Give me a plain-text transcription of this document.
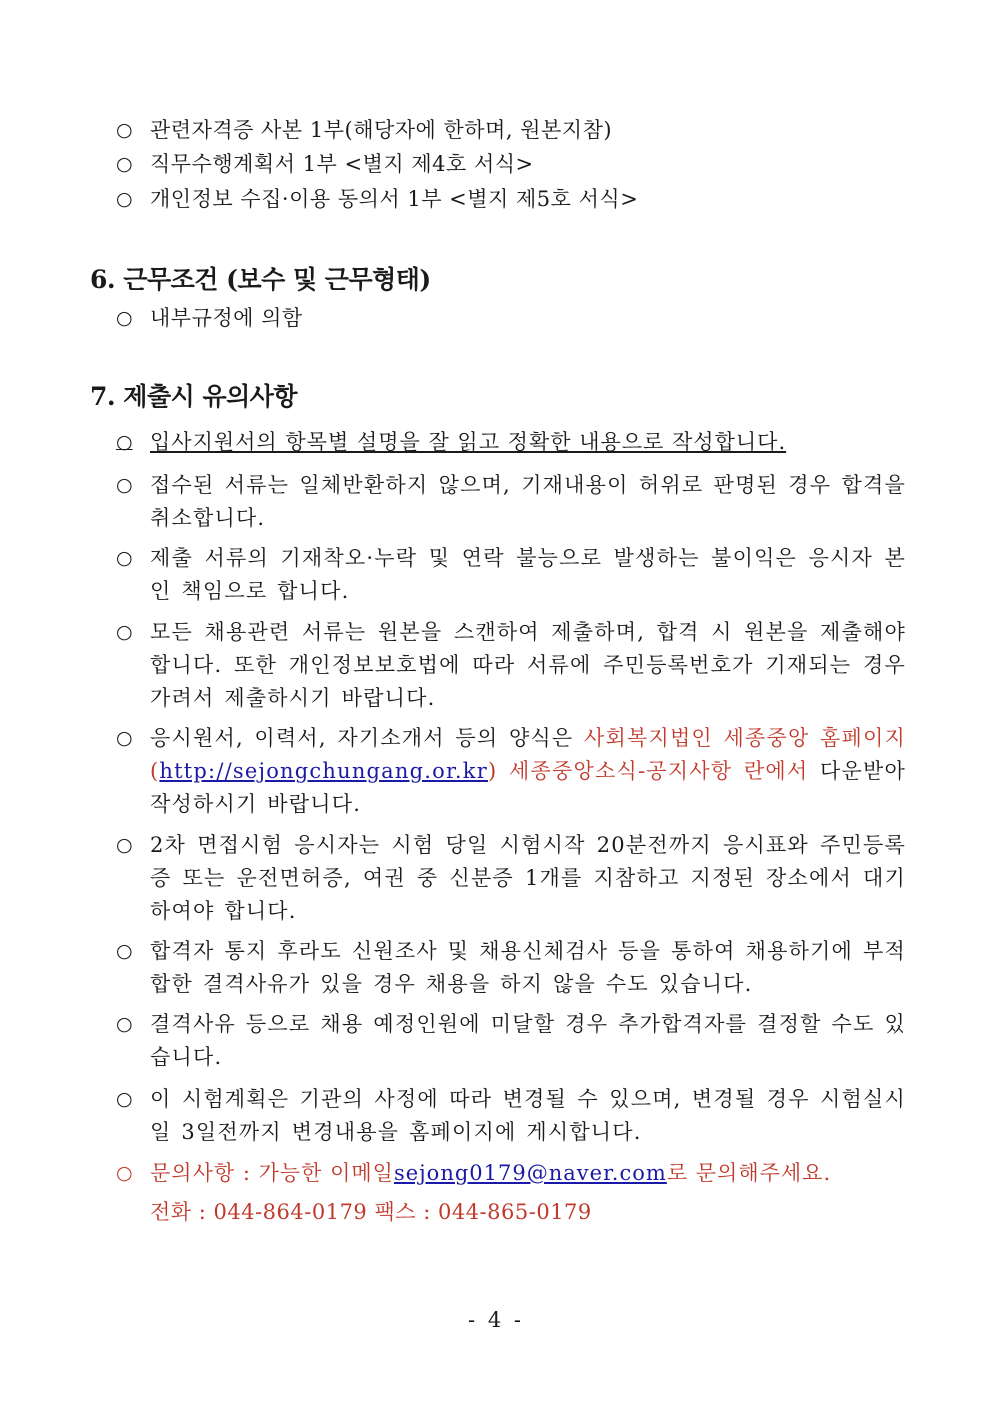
○ 관련자격증 사본 1부(해당자에 한하며, 원본지참)
○ 직무수행계획서 1부 <별지 제4호 서식>
○ 개인정보 수집·이용 동의서 1부 <별지 제5호 서식>
6. 근무조건 (보수 및 근무형태)
○ 내부규정에 의함
7. 제출시 유의사항
○ 입사지원서의 항목별 설명을 잘 읽고 정확한 내용으로 작성합니다.
○ 접수된 서류는 일체반환하지 않으며, 기재내용이 허위로 판명된 경우 합격을 취소합니다.
○ 제출 서류의 기재착오·누락 및 연락 불능으로 발생하는 불이익은 응시자 본인 책임으로 합니다.
○ 모든 채용관련 서류는 원본을 스캔하여 제출하며, 합격 시 원본을 제출해야합니다. 또한 개인정보보호법에 따라 서류에 주민등록번호가 기재되는 경우 가려서 제출하시기 바랍니다.
○ 응시원서, 이력서, 자기소개서 등의 양식은 사회복지법인 세종중앙 홈페이지(http://sejongchungang.or.kr) 세종중앙소식-공지사항 란에서 다운받아 작성하시기 바랍니다.
○ 2차 면접시험 응시자는 시험 당일 시험시작 20분전까지 응시표와 주민등록증 또는 운전면허증, 여권 중 신분증 1개를 지참하고 지정된 장소에서 대기하여야 합니다.
○ 합격자 통지 후라도 신원조사 및 채용신체검사 등을 통하여 채용하기에 부적합한 결격사유가 있을 경우 채용을 하지 않을 수도 있습니다.
○ 결격사유 등으로 채용 예정인원에 미달할 경우 추가합격자를 결정할 수도 있습니다.
○ 이 시험계획은 기관의 사정에 따라 변경될 수 있으며, 변경될 경우 시험실시일 3일전까지 변경내용을 홈페이지에 게시합니다.
○ 문의사항 : 가능한 이메일sejong0179@naver.com로 문의해주세요.
전화 : 044-864-0179 팩스 : 044-865-0179
- 4 -
